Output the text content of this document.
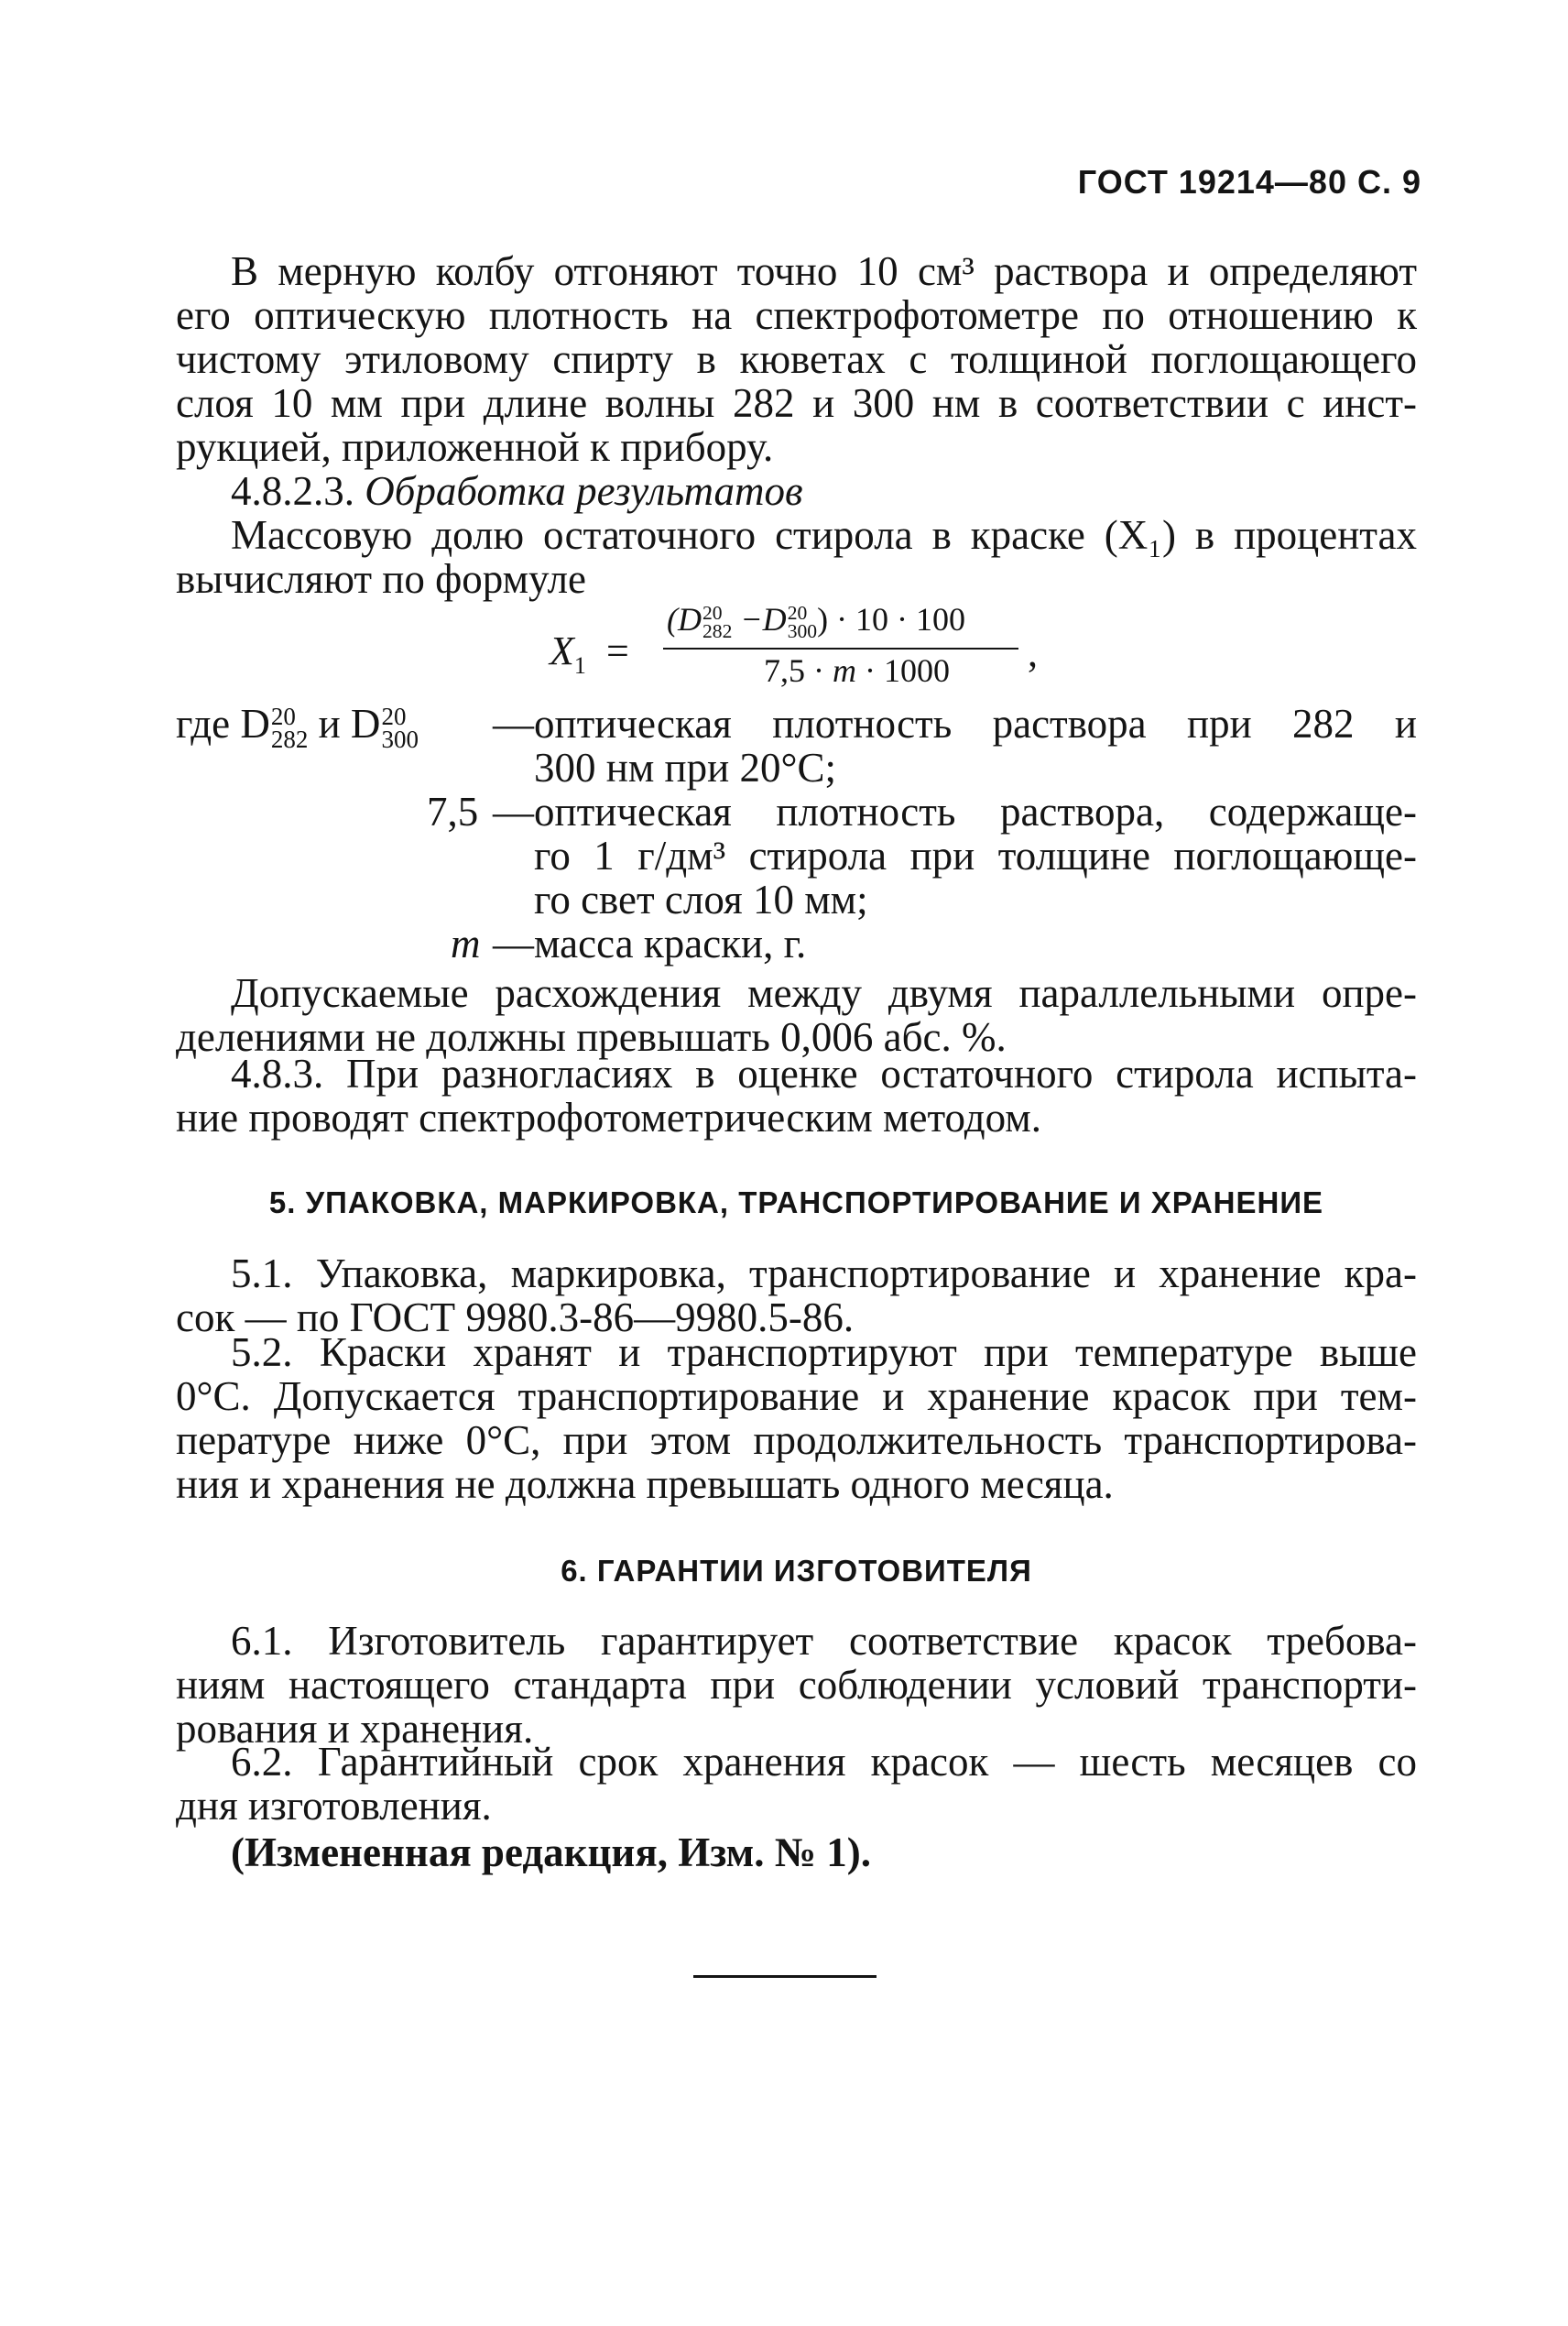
ГОСТ 19214—80 С. 9
В мерную колбу отгоняют точно 10 см³ раствора и определяют
его оптическую плотность на спектрофотометре по отношению к
чистому этиловому спирту в кюветах с толщиной поглощающего
слоя 10 мм при длине волны 282 и 300 нм в соответствии с инст-
рукцией, приложенной к прибору.
4.8.2.3. Обработка результатов
Массовую долю остаточного стирола в краске (X₁) в процентах
вычисляют по формуле
$X_1$ =
(D 20
282 −D 20
300 ) · 10 · 100
7,5 · m · 1000 ,
где D 20
282 и D 20
300 — оптическая плотность раствора при 282 и
300 нм при 20°С;
7,5 — оптическая плотность раствора, содержаще-
го 1 г/дм³ стирола при толщине поглощающе-
го свет слоя 10 мм;
m — масса краски, г.
Допускаемые расхождения между двумя параллельными опре-
делениями не должны превышать 0,006 абс. %.
4.8.3. При разногласиях в оценке остаточного стирола испыта-
ние проводят спектрофотометрическим методом.
5. УПАКОВКА, МАРКИРОВКА, ТРАНСПОРТИРОВАНИЕ И ХРАНЕНИЕ
5.1. Упаковка, маркировка, транспортирование и хранение кра-
сок — по ГОСТ 9980.3-86—9980.5-86.
5.2. Краски хранят и транспортируют при температуре выше
0°С. Допускается транспортирование и хранение красок при тем-
пературе ниже 0°С, при этом продолжительность транспортирова-
ния и хранения не должна превышать одного месяца.
6. ГАРАНТИИ ИЗГОТОВИТЕЛЯ
6.1. Изготовитель гарантирует соответствие красок требова-
ниям настоящего стандарта при соблюдении условий транспорти-
рования и хранения.
6.2. Гарантийный срок хранения красок — шесть месяцев со
дня изготовления.
(Измененная редакция, Изм. № 1).
